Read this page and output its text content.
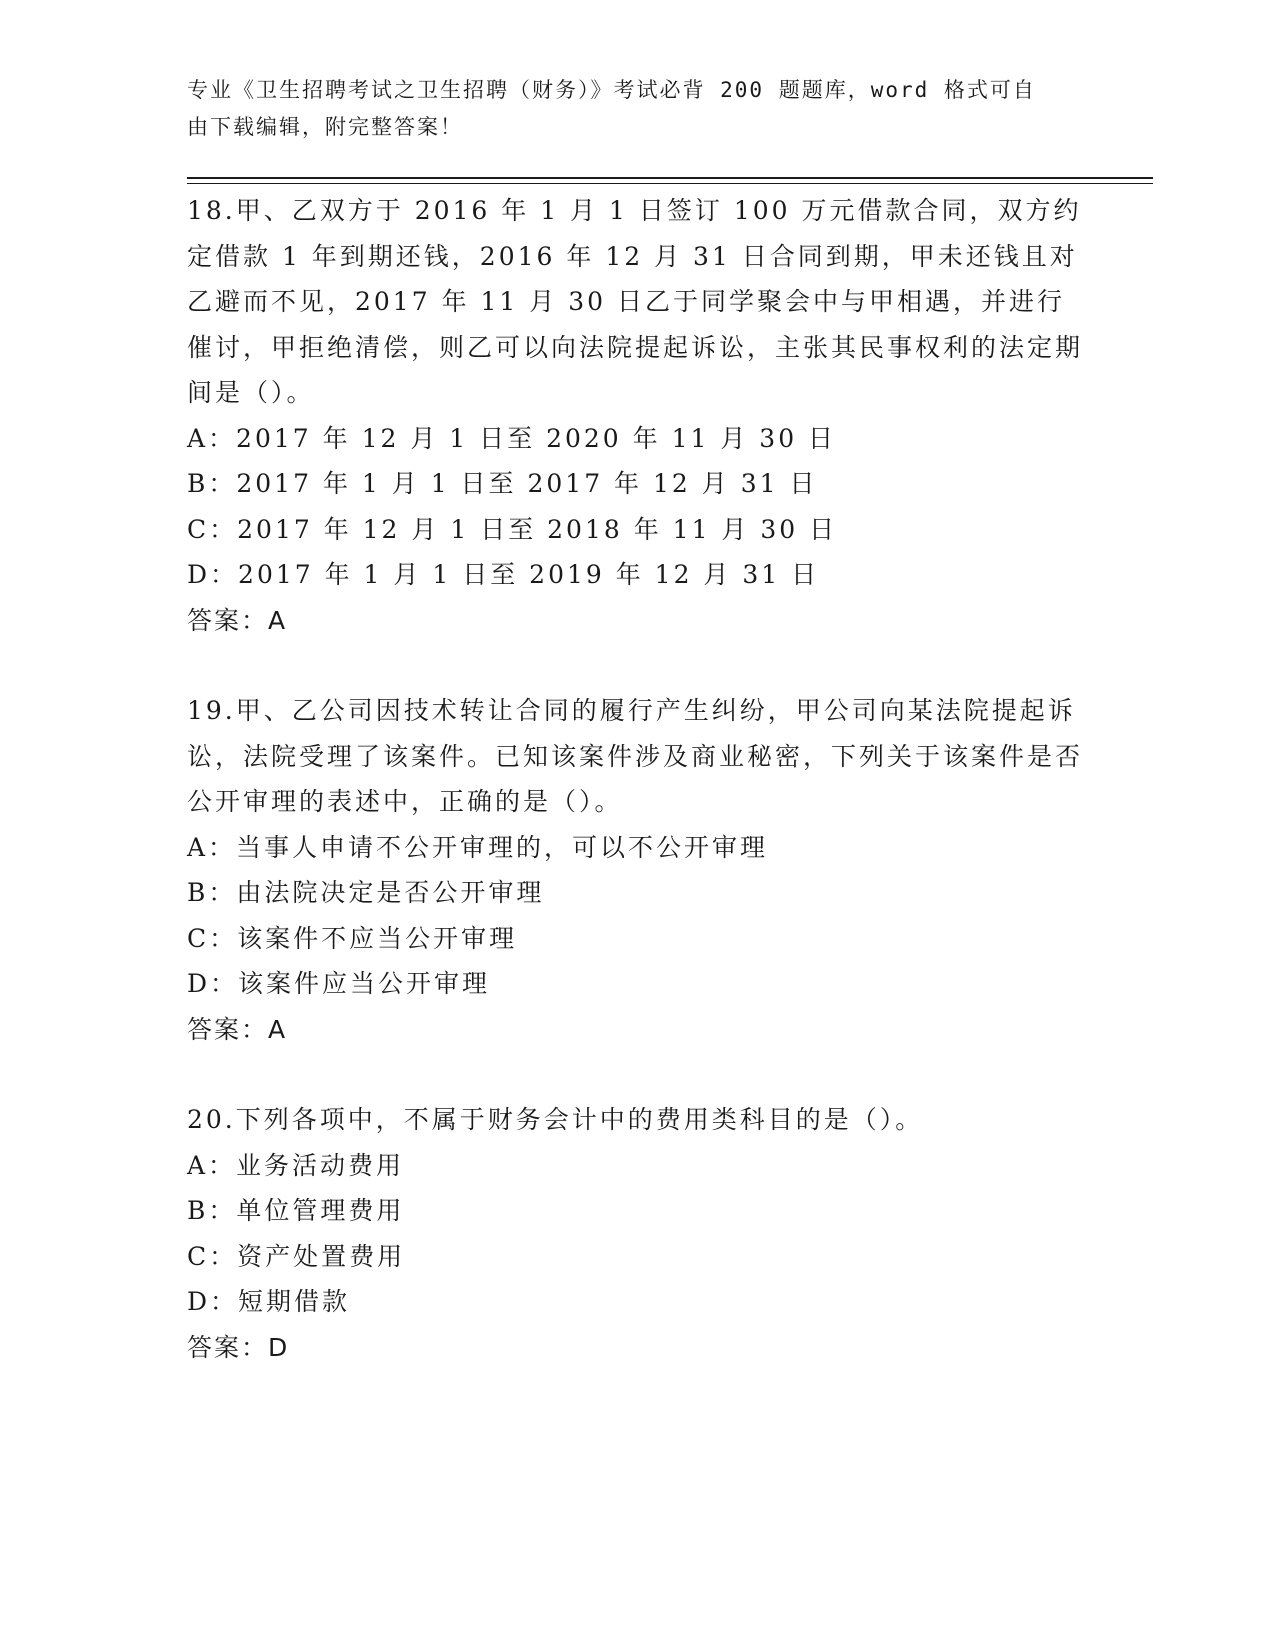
专业《卫生招聘考试之卫生招聘（财务）》考试必背 200 题题库，word 格式可自
由下载编辑，附完整答案！

18.甲、乙双方于 2016 年 1 月 1 日签订 100 万元借款合同，双方约定借款 1 年到期还钱，2016 年 12 月 31 日合同到期，甲未还钱且对乙避而不见，2017 年 11 月 30 日乙于同学聚会中与甲相遇，并进行催讨，甲拒绝清偿，则乙可以向法院提起诉讼，主张其民事权利的法定期间是（）。

A：2017 年 12 月 1 日至 2020 年 11 月 30 日

B：2017 年 1 月 1 日至 2017 年 12 月 31 日

C：2017 年 12 月 1 日至 2018 年 11 月 30 日

D：2017 年 1 月 1 日至 2019 年 12 月 31 日

答案：A

19.甲、乙公司因技术转让合同的履行产生纠纷，甲公司向某法院提起诉讼，法院受理了该案件。已知该案件涉及商业秘密，下列关于该案件是否公开审理的表述中，正确的是（）。

A：当事人申请不公开审理的，可以不公开审理

B：由法院决定是否公开审理

C：该案件不应当公开审理

D：该案件应当公开审理

答案：A

20.下列各项中，不属于财务会计中的费用类科目的是（）。

A：业务活动费用

B：单位管理费用

C：资产处置费用

D：短期借款

答案：D
